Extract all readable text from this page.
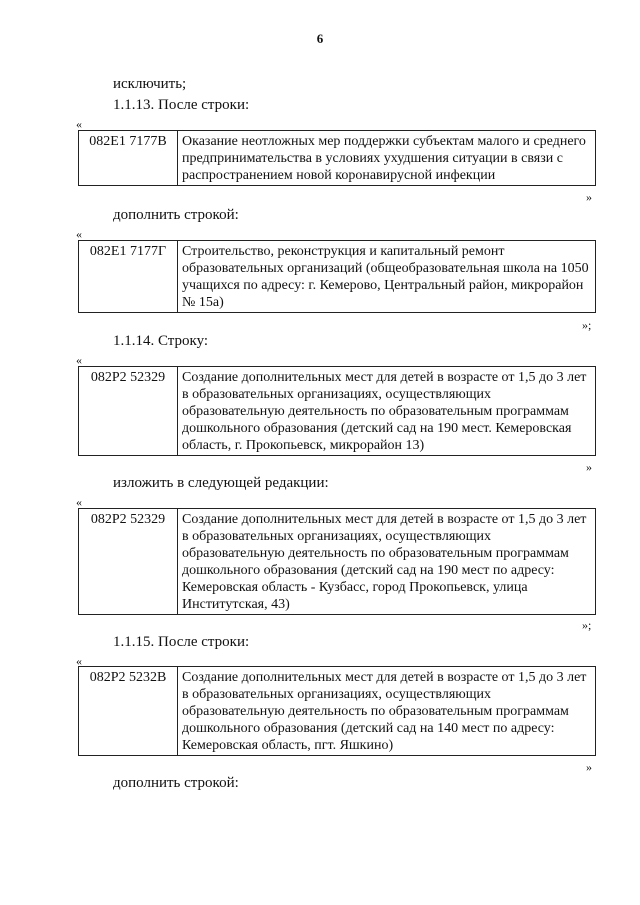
6
исключить;
1.1.13. После строки:
«
082E1 7177B	Оказание неотложных мер поддержки субъектам малого и среднего предпринимательства в условиях ухудшения ситуации в связи с распространением новой коронавирусной инфекции
»
дополнить строкой:
«
082E1 7177Г	Строительство, реконструкция и капитальный ремонт образовательных организаций (общеобразовательная школа на 1050 учащихся по адресу: г. Кемерово, Центральный район, микрорайон № 15а)
»;
1.1.14. Строку:
«
082P2 52329	Создание дополнительных мест для детей в возрасте от 1,5 до 3 лет в образовательных организациях, осуществляющих образовательную деятельность по образовательным программам дошкольного образования (детский сад на 190 мест. Кемеровская область, г. Прокопьевск, микрорайон 13)
»
изложить в следующей редакции:
«
082P2 52329	Создание дополнительных мест для детей в возрасте от 1,5 до 3 лет в образовательных организациях, осуществляющих образовательную деятельность по образовательным программам дошкольного образования (детский сад на 190 мест по адресу: Кемеровская область - Кузбасс, город Прокопьевск, улица Институтская, 43)
»;
1.1.15. После строки:
«
082P2 5232B	Создание дополнительных мест для детей в возрасте от 1,5 до 3 лет в образовательных организациях, осуществляющих образовательную деятельность по образовательным программам дошкольного образования (детский сад на 140 мест по адресу: Кемеровская область, пгт. Яшкино)
»
дополнить строкой:
